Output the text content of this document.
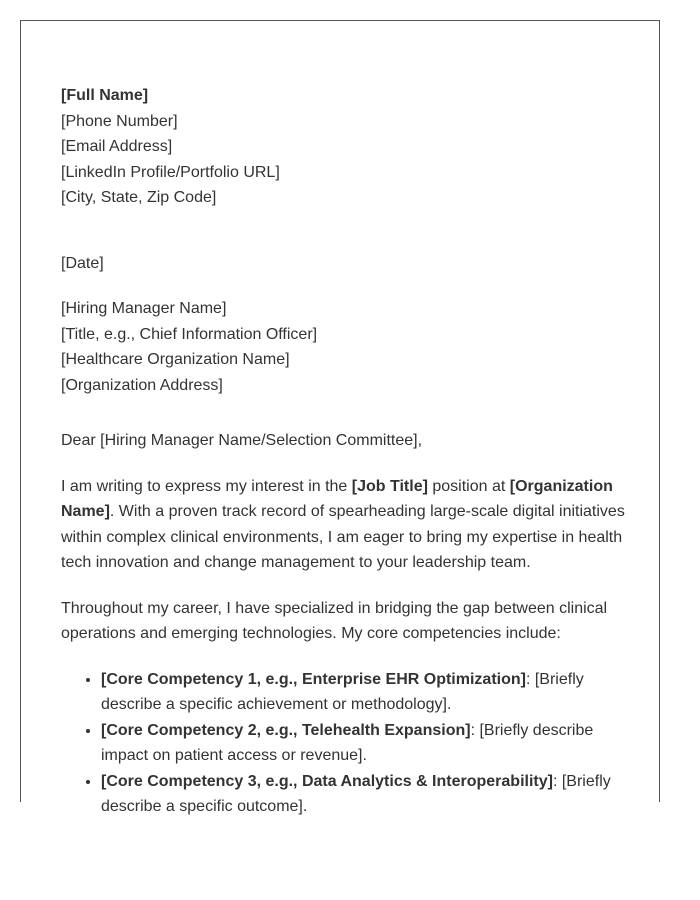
[Full Name]

[Phone Number]

[Email Address]

[LinkedIn Profile/Portfolio URL]

[City, State, Zip Code]

[Date]

[Hiring Manager Name]

[Title, e.g., Chief Information Officer]

[Healthcare Organization Name]

[Organization Address]

Dear [Hiring Manager Name/Selection Committee],

I am writing to express my interest in the [Job Title] position at [Organization Name]. With a proven track record of spearheading large-scale digital initiatives within complex clinical environments, I am eager to bring my expertise in health tech innovation and change management to your leadership team.

Throughout my career, I have specialized in bridging the gap between clinical operations and emerging technologies. My core competencies include:

• [Core Competency 1, e.g., Enterprise EHR Optimization]: [Briefly describe a specific achievement or methodology].
• [Core Competency 2, e.g., Telehealth Expansion]: [Briefly describe impact on patient access or revenue].
• [Core Competency 3, e.g., Data Analytics & Interoperability]: [Briefly describe a specific outcome].
